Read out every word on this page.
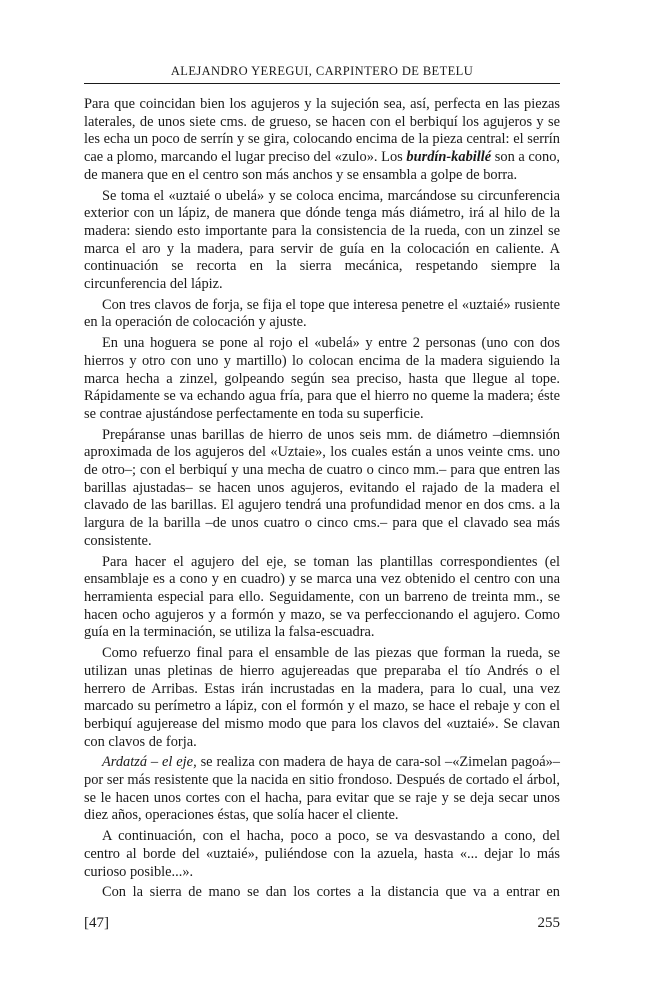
ALEJANDRO YEREGUI, CARPINTERO DE BETELU

Para que coincidan bien los agujeros y la sujeción sea, así, perfecta en las piezas laterales, de unos siete cms. de grueso, se hacen con el berbiquí los agujeros y se les echa un poco de serrín y se gira, colocando encima de la pieza central: el serrín cae a plomo, marcando el lugar preciso del «zulo». Los burdín-kabillé son a cono, de manera que en el centro son más anchos y se ensambla a golpe de borra.

Se toma el «uztaié o ubelá» y se coloca encima, marcándose su circunferencia exterior con un lápiz, de manera que dónde tenga más diámetro, irá al hilo de la madera: siendo esto importante para la consistencia de la rueda, con un zinzel se marca el aro y la madera, para servir de guía en la colocación en caliente. A continuación se recorta en la sierra mecánica, respetando siempre la circunferencia del lápiz.

Con tres clavos de forja, se fija el tope que interesa penetre el «uztaié» rusiente en la operación de colocación y ajuste.

En una hoguera se pone al rojo el «ubelá» y entre 2 personas (uno con dos hierros y otro con uno y martillo) lo colocan encima de la madera siguiendo la marca hecha a zinzel, golpeando según sea preciso, hasta que llegue al tope. Rápidamente se va echando agua fría, para que el hierro no queme la madera; éste se contrae ajustándose perfectamente en toda su superficie.

Prepáranse unas barillas de hierro de unos seis mm. de diámetro –diemnsión aproximada de los agujeros del «Uztaie», los cuales están a unos veinte cms. uno de otro–; con el berbiquí y una mecha de cuatro o cinco mm.– para que entren las barillas ajustadas– se hacen unos agujeros, evitando el rajado de la madera el clavado de las barillas. El agujero tendrá una profundidad menor en dos cms. a la largura de la barilla –de unos cuatro o cinco cms.– para que el clavado sea más consistente.

Para hacer el agujero del eje, se toman las plantillas correspondientes (el ensamblaje es a cono y en cuadro) y se marca una vez obtenido el centro con una herramienta especial para ello. Seguidamente, con un barreno de treinta mm., se hacen ocho agujeros y a formón y mazo, se va perfeccionando el agujero. Como guía en la terminación, se utiliza la falsa-escuadra.

Como refuerzo final para el ensamble de las piezas que forman la rueda, se utilizan unas pletinas de hierro agujereadas que preparaba el tío Andrés o el herrero de Arribas. Estas irán incrustadas en la madera, para lo cual, una vez marcado su perímetro a lápiz, con el formón y el mazo, se hace el rebaje y con el berbiquí agujerease del mismo modo que para los clavos del «uztaié». Se clavan con clavos de forja.

Ardatzá – el eje, se realiza con madera de haya de cara-sol –«Zimelan pagoá»– por ser más resistente que la nacida en sitio frondoso. Después de cortado el árbol, se le hacen unos cortes con el hacha, para evitar que se raje y se deja secar unos diez años, operaciones éstas, que solía hacer el cliente.

A continuación, con el hacha, poco a poco, se va desvastando a cono, del centro al borde del «uztaié», puliéndose con la azuela, hasta «... dejar lo más curioso posible...».

Con la sierra de mano se dan los cortes a la distancia que va a entrar en

[47]	255
